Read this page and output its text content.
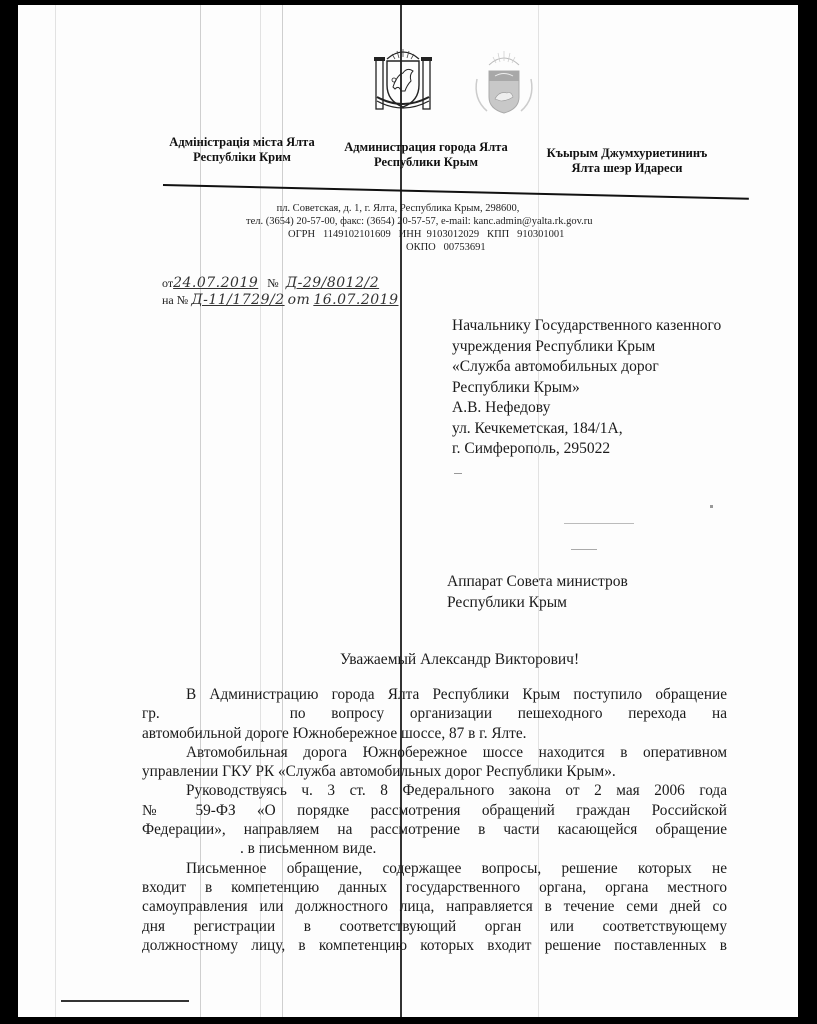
Адміністрація міста Ялта
Республіки Крим
Администрация города Ялта
Республики Крым
Къырым Джумхуриетининъ
Ялта шеэр Идареси
пл. Советская, д. 1, г. Ялта, Республика Крым, 298600,
тел. (3654) 20-57-00, факс: (3654) 20-57-57, e-mail: kanc.admin@yalta.rk.gov.ru
ОГРН   1149102101609   ИНН  9103012029   КПП   910301001
ОКПО   00753691
от24.07.2019 № Д-29/8012/2
на № Д-11/1729/2 от 16.07.2019
Начальнику Государственного казенного
учреждения Республики Крым
«Служба автомобильных дорог
Республики Крым»
А.В. Нефедову
ул. Кечкеметская, 184/1А,
г. Симферополь, 295022
Аппарат Совета министров
Республики Крым
Уважаемый Александр Викторович!

В Администрацию города Ялта Республики Крым поступило обращение

гр.	по вопросу организации пешеходного перехода на

автомобильной дороге Южнобережное шоссе, 87 в г. Ялте.

Автомобильная дорога Южнобережное шоссе находится в оперативном

управлении ГКУ РК «Служба автомобильных дорог Республики Крым».

Руководствуясь ч. 3 ст. 8 Федерального закона от 2 мая 2006 года

№ 59-ФЗ «О порядке рассмотрения обращений граждан Российской

Федерации», направляем на рассмотрение в части касающейся обращение

. в письменном виде.

Письменное обращение, содержащее вопросы, решение которых не

входит в компетенцию данных государственного органа, органа местного

самоуправления или должностного лица, направляется в течение семи дней со

дня регистрации в соответствующий орган или соответствующему

должностному лицу, в компетенцию которых входит решение поставленных в
